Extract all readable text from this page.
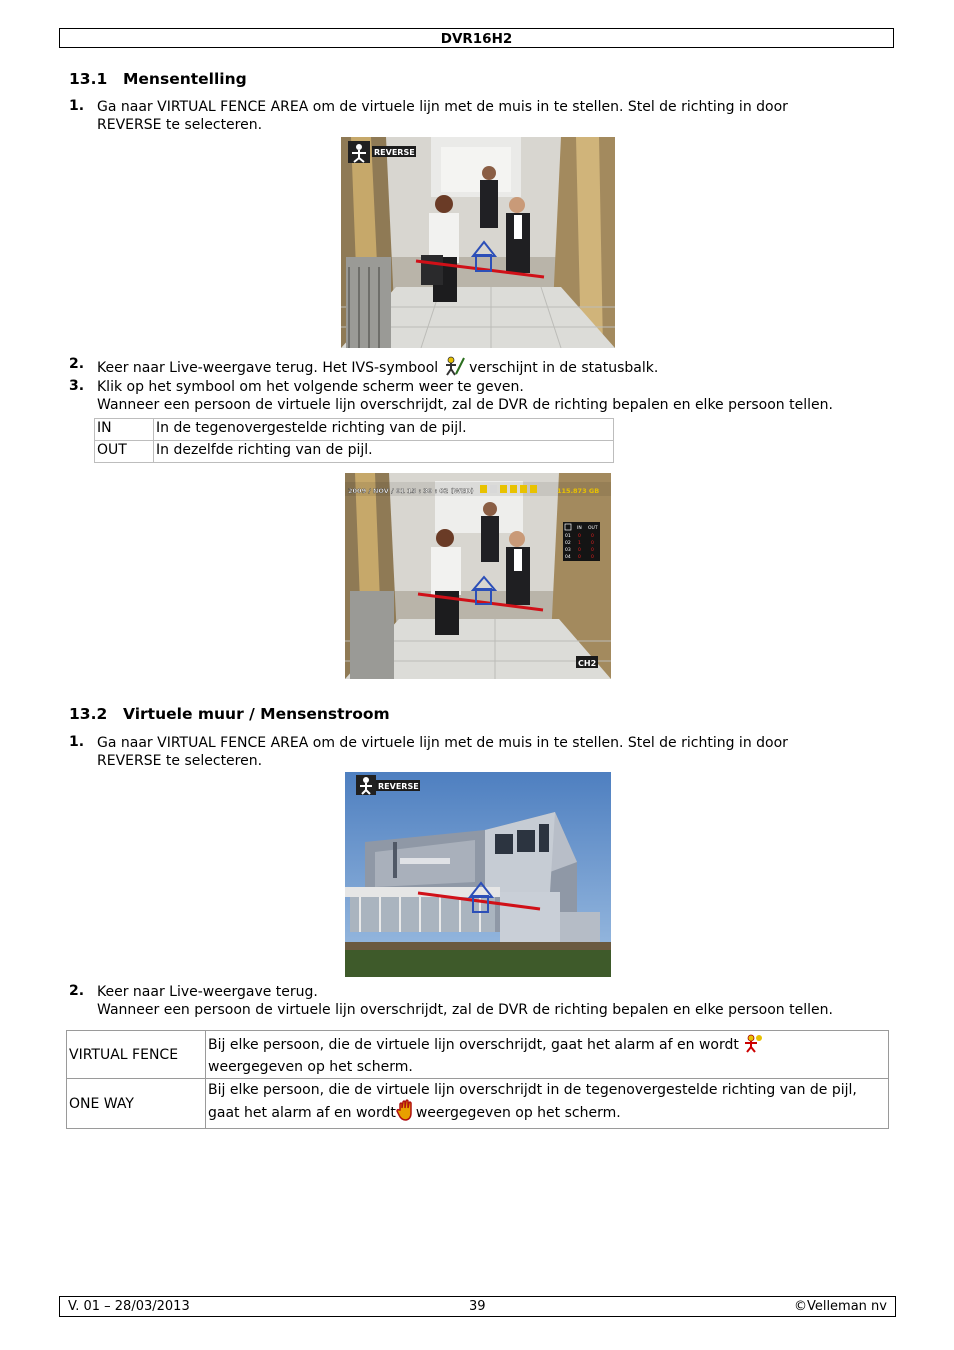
DVR16H2
13.1 Mensentelling
1. Ga naar VIRTUAL FENCE AREA om de virtuele lijn met de muis in te stellen. Stel de richting in door
REVERSE te selecteren.
REVERSE
2. Keer naar Live-weergave terug. Het IVS-symbool verschijnt in de statusbalk.
3. Klik op het symbool om het volgende scherm weer te geven.
Wanneer een persoon de virtuele lijn overschrijdt, zal de DVR de richting bepalen en elke persoon tellen.
IN	In de tegenovergestelde richting van de pijl.
OUT	In dezelfde richting van de pijl.
2009 / NOV / 01 15 : 30 : 02 (WED)	115.873 GB
IN OUT
01 0 0
02 1 0
03 0 0
04 0 0
CH2
13.2 Virtuele muur / Mensenstroom
1. Ga naar VIRTUAL FENCE AREA om de virtuele lijn met de muis in te stellen. Stel de richting in door
REVERSE te selecteren.
REVERSE
2. Keer naar Live-weergave terug.
Wanneer een persoon de virtuele lijn overschrijdt, zal de DVR de richting bepalen en elke persoon tellen.
VIRTUAL FENCE	Bij elke persoon, die de virtuele lijn overschrijdt, gaat het alarm af en wordt
weergegeven op het scherm.
ONE WAY	Bij elke persoon, die de virtuele lijn overschrijdt in de tegenovergestelde richting van de pijl,
gaat het alarm af en wordt weergegeven op het scherm.
V. 01 – 28/03/2013	39	©Velleman nv
